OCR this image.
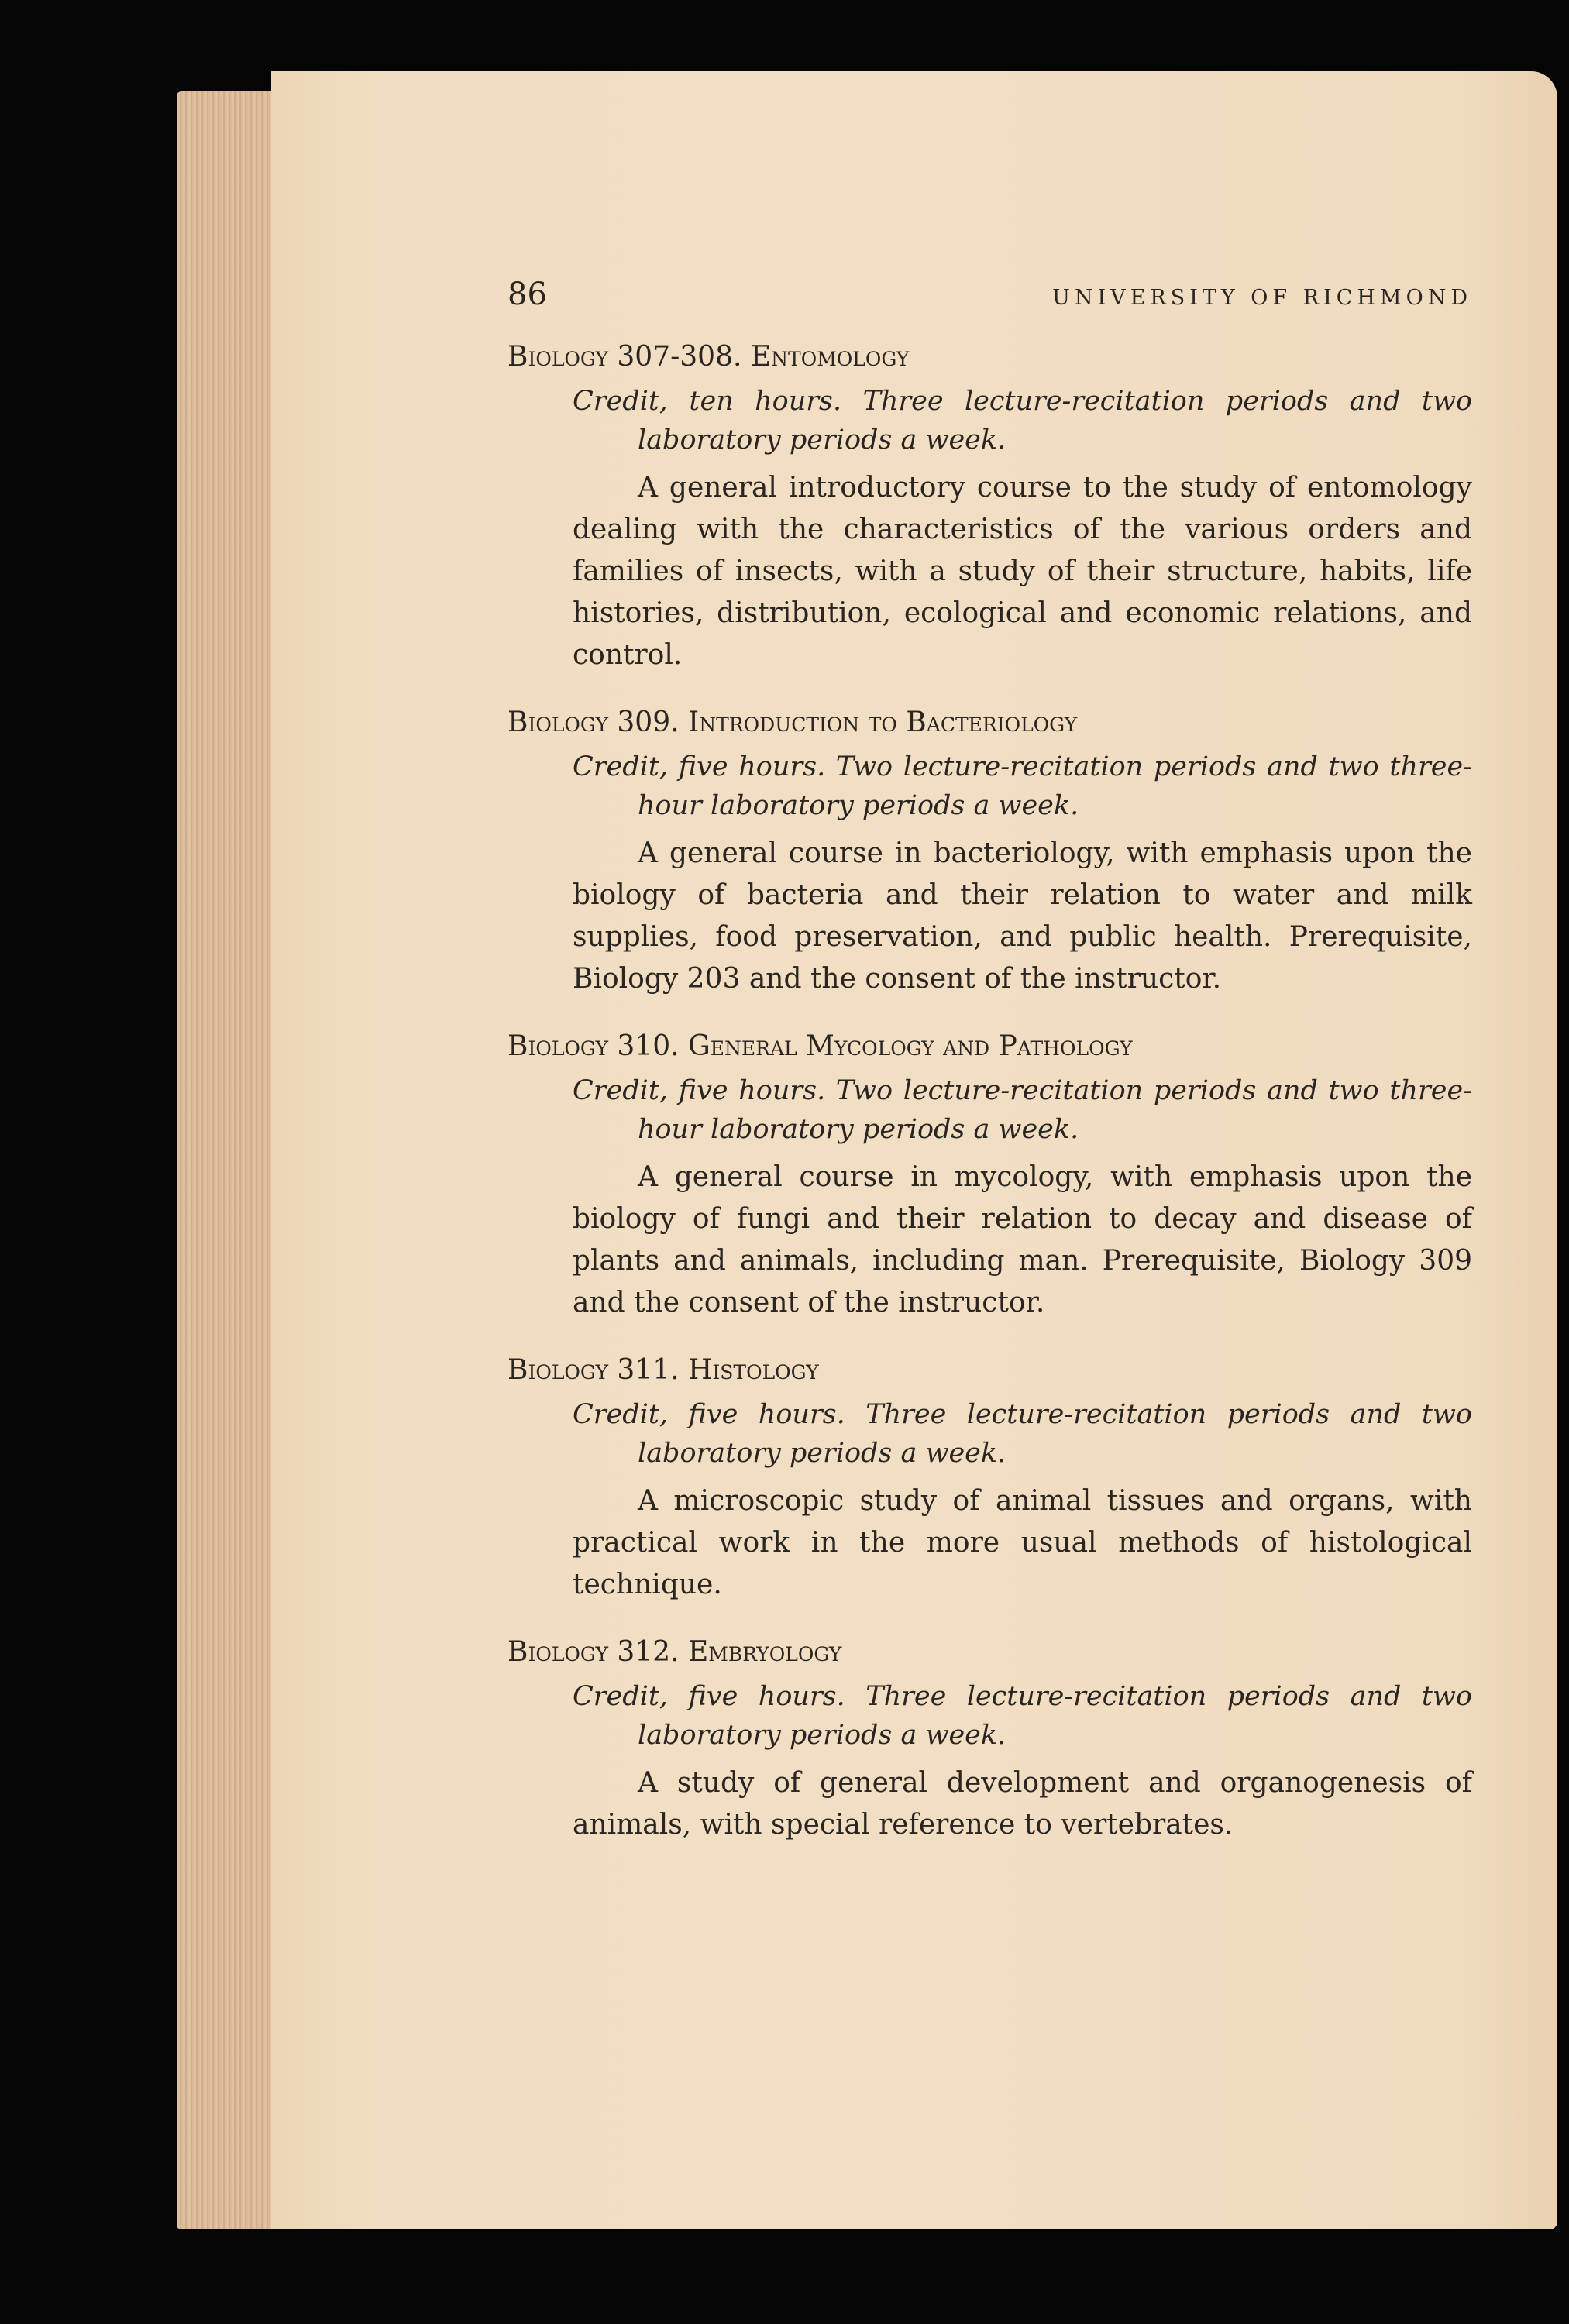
86	UNIVERSITY OF RICHMOND
Biology 307-308. Entomology
Credit, ten hours. Three lecture-recitation periods and two laboratory periods a week.
A general introductory course to the study of entomology dealing with the characteristics of the various orders and families of insects, with a study of their structure, habits, life histories, distribution, ecological and economic relations, and control.
Biology 309. Introduction to Bacteriology
Credit, five hours. Two lecture-recitation periods and two three-hour laboratory periods a week.
A general course in bacteriology, with emphasis upon the biology of bacteria and their relation to water and milk supplies, food preservation, and public health. Prerequisite, Biology 203 and the consent of the instructor.
Biology 310. General Mycology and Pathology
Credit, five hours. Two lecture-recitation periods and two three-hour laboratory periods a week.
A general course in mycology, with emphasis upon the biology of fungi and their relation to decay and disease of plants and animals, including man. Prerequisite, Biology 309 and the consent of the instructor.
Biology 311. Histology
Credit, five hours. Three lecture-recitation periods and two laboratory periods a week.
A microscopic study of animal tissues and organs, with practical work in the more usual methods of histological technique.
Biology 312. Embryology
Credit, five hours. Three lecture-recitation periods and two laboratory periods a week.
A study of general development and organogenesis of animals, with special reference to vertebrates.
